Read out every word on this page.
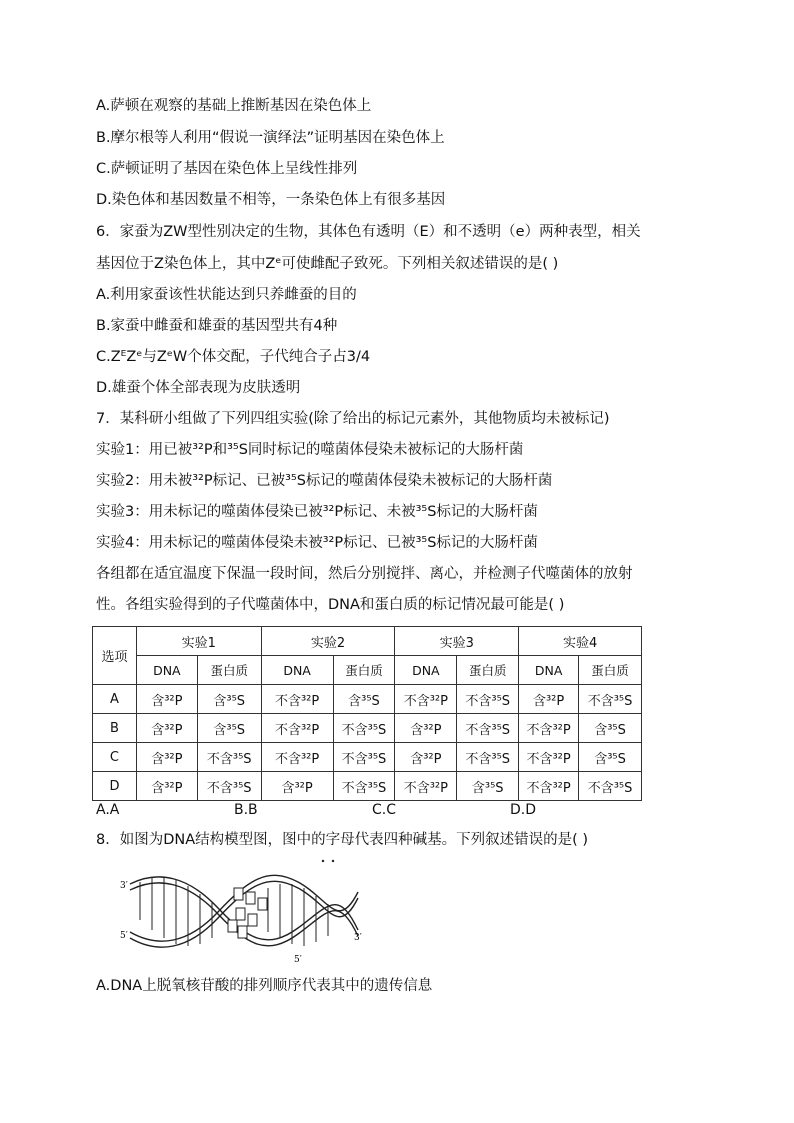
A.萨顿在观察的基础上推断基因在染色体上
B.摩尔根等人利用“假说一演绎法”证明基因在染色体上
C.萨顿证明了基因在染色体上呈线性排列
D.染色体和基因数量不相等，一条染色体上有很多基因
6．家蚕为ZW型性别决定的生物，其体色有透明（E）和不透明（e）两种表型，相关
基因位于Z染色体上，其中Zᵉ可使雌配子致死。下列相关叙述错误的是( )
A.利用家蚕该性状能达到只养雌蚕的目的
B.家蚕中雌蚕和雄蚕的基因型共有4种
C.ZᴱZᵉ与ZᵉW个体交配，子代纯合子占3/4
D.雄蚕个体全部表现为皮肤透明
7．某科研小组做了下列四组实验(除了给出的标记元素外，其他物质均未被标记)
实验1：用已被³²P和³⁵S同时标记的噬菌体侵染未被标记的大肠杆菌
实验2：用未被³²P标记、已被³⁵S标记的噬菌体侵染未被标记的大肠杆菌
实验3：用未标记的噬菌体侵染已被³²P标记、未被³⁵S标记的大肠杆菌
实验4：用未标记的噬菌体侵染未被³²P标记、已被³⁵S标记的大肠杆菌
各组都在适宜温度下保温一段时间，然后分别搅拌、离心，并检测子代噬菌体的放射
性。各组实验得到的子代噬菌体中，DNA和蛋白质的标记情况最可能是( )
选项	实验1		实验2		实验3		实验4	
	DNA	蛋白质	DNA	蛋白质	DNA	蛋白质	DNA	蛋白质
A	含³²P	含³⁵S	不含³²P	含³⁵S	不含³²P	不含³⁵S	含³²P	不含³⁵S
B	含³²P	含³⁵S	不含³²P	不含³⁵S	含³²P	不含³⁵S	不含³²P	含³⁵S
C	含³²P	不含³⁵S	不含³²P	不含³⁵S	含³²P	不含³⁵S	不含³²P	含³⁵S
D	含³²P	不含³⁵S	含³²P	不含³⁵S	不含³²P	含³⁵S	不含³²P	不含³⁵S
A.A	B.B	C.C	D.D
8．如图为DNA结构模型图，图中的字母代表四种碱基。下列叙述错误的是( )
3′
5′
5′
3′
A.DNA上脱氧核苷酸的排列顺序代表其中的遗传信息
